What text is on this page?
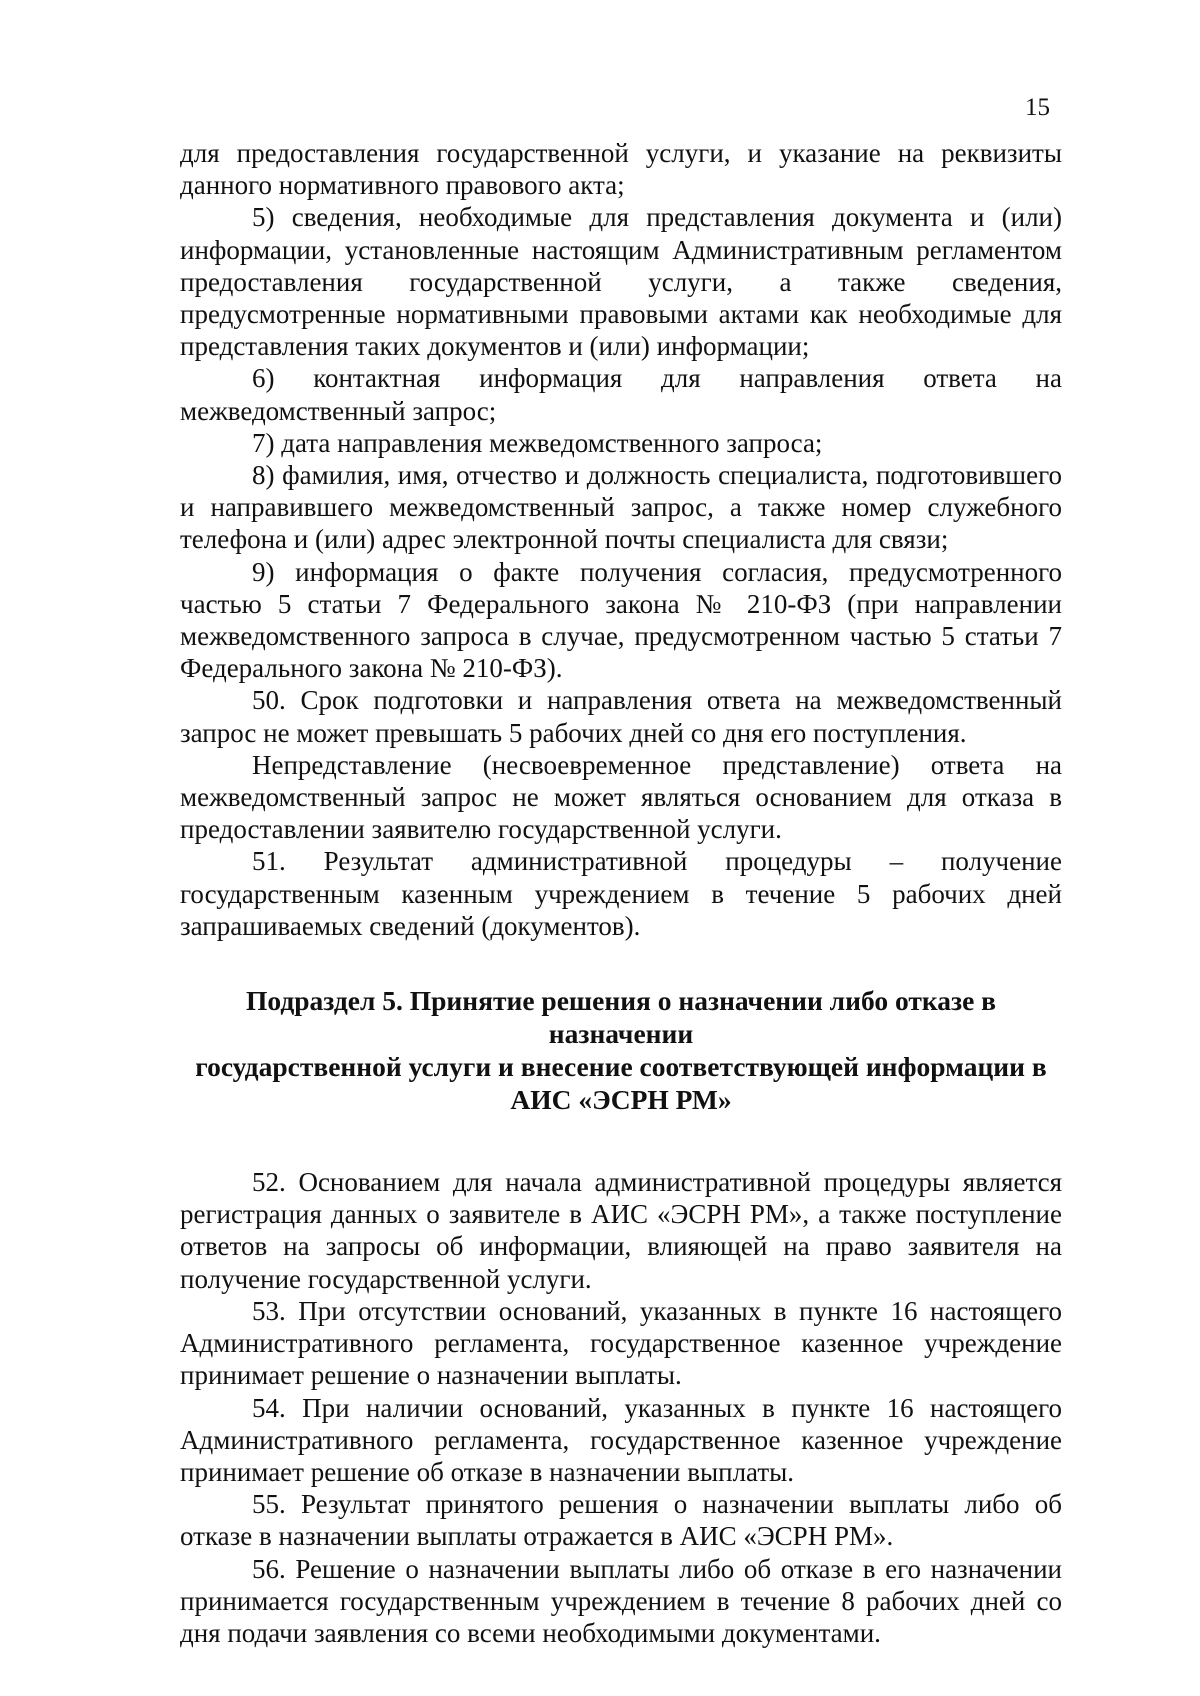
15

для предоставления государственной услуги, и указание на реквизиты данного нормативного правового акта;

5) сведения, необходимые для представления документа и (или) информации, установленные настоящим Административным регламентом предоставления государственной услуги, а также сведения, предусмотренные нормативными правовыми актами как необходимые для представления таких документов и (или) информации;

6) контактная информация для направления ответа на межведомственный запрос;

7) дата направления межведомственного запроса;

8) фамилия, имя, отчество и должность специалиста, подготовившего и направившего межведомственный запрос, а также номер служебного телефона и (или) адрес электронной почты специалиста для связи;

9) информация о факте получения согласия, предусмотренного частью 5 статьи 7 Федерального закона № 210-ФЗ (при направлении межведомственного запроса в случае, предусмотренном частью 5 статьи 7 Федерального закона № 210-ФЗ).

50. Срок подготовки и направления ответа на межведомственный запрос не может превышать 5 рабочих дней со дня его поступления.

Непредставление (несвоевременное представление) ответа на межведомственный запрос не может являться основанием для отказа в предоставлении заявителю государственной услуги.

51. Результат административной процедуры – получение государственным казенным учреждением в течение 5 рабочих дней запрашиваемых сведений (документов).

Подраздел 5. Принятие решения о назначении либо отказе в назначении
государственной услуги и внесение соответствующей информации в
АИС «ЭСРН РМ»

52. Основанием для начала административной процедуры является регистрация данных о заявителе в АИС «ЭСРН РМ», а также поступление ответов на запросы об информации, влияющей на право заявителя на получение государственной услуги.

53. При отсутствии оснований, указанных в пункте 16 настоящего Административного регламента, государственное казенное учреждение принимает решение о назначении выплаты.

54. При наличии оснований, указанных в пункте 16 настоящего Административного регламента, государственное казенное учреждение принимает решение об отказе в назначении выплаты.

55. Результат принятого решения о назначении выплаты либо об отказе в назначении выплаты отражается в АИС «ЭСРН РМ».

56. Решение о назначении выплаты либо об отказе в его назначении принимается государственным учреждением в течение 8 рабочих дней со дня подачи заявления со всеми необходимыми документами.
